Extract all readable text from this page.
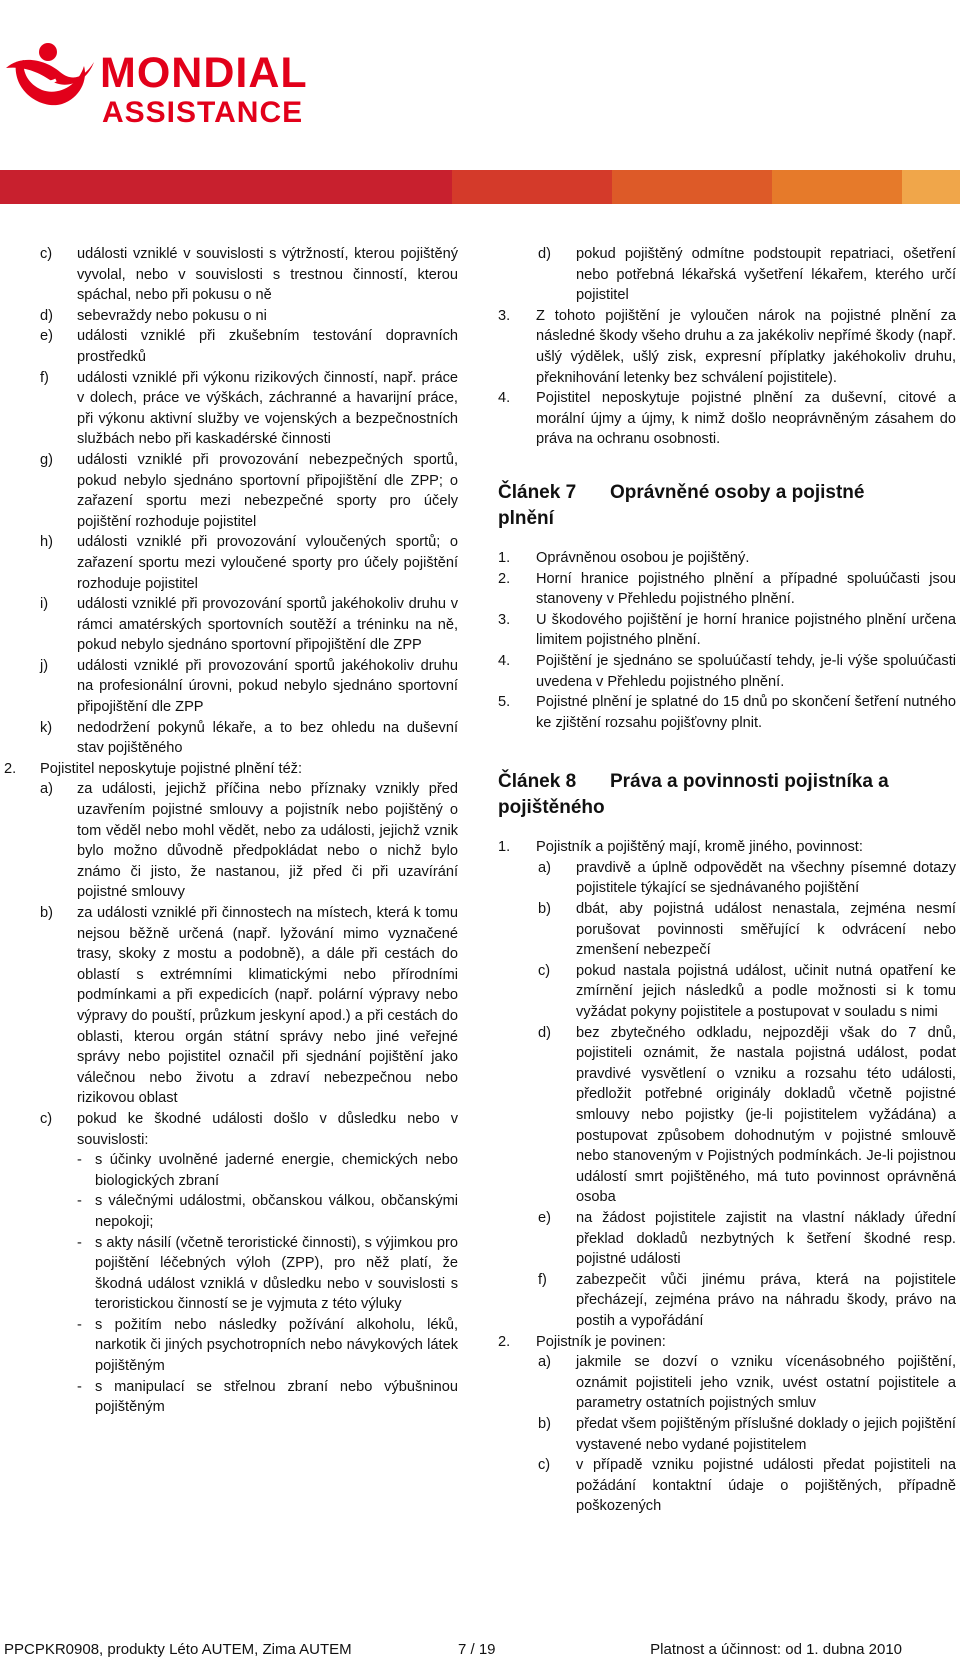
MONDIAL
ASSISTANCE
c)	události vzniklé v souvislosti s výtržností, kterou pojištěný vyvolal, nebo v souvislosti s trestnou činností, kterou spáchal, nebo při pokusu o ně
d)	sebevraždy nebo pokusu o ni
e)	události vzniklé při zkušebním testování dopravních prostředků
f)	události vzniklé při výkonu rizikových činností, např. práce v dolech, práce ve výškách, záchranné a havarijní práce, při výkonu aktivní služby ve vojenských a bezpečnostních službách nebo při kaskadérské činnosti
g)	události vzniklé při provozování nebezpečných sportů, pokud nebylo sjednáno sportovní připojištění dle ZPP; o zařazení sportu mezi nebezpečné sporty pro účely pojištění rozhoduje pojistitel
h)	události vzniklé při provozování vyloučených sportů; o zařazení sportu mezi vyloučené sporty pro účely pojištění rozhoduje pojistitel
i)	události vzniklé při provozování sportů jakéhokoliv druhu v rámci amatérských sportovních soutěží a tréninku na ně, pokud nebylo sjednáno sportovní připojištění dle ZPP
j)	události vzniklé při provozování sportů jakéhokoliv druhu na profesionální úrovni, pokud nebylo sjednáno sportovní připojištění dle ZPP
k)	nedodržení pokynů lékaře, a to bez ohledu na duševní stav pojištěného
2.	Pojistitel neposkytuje pojistné plnění též:
a)	za události, jejichž příčina nebo příznaky vznikly před uzavřením pojistné smlouvy a pojistník nebo pojištěný o tom věděl nebo mohl vědět, nebo za události, jejichž vznik bylo možno důvodně předpokládat nebo o nichž bylo známo či jisto, že nastanou, již před či při uzavírání pojistné smlouvy
b)	za události vzniklé při činnostech na místech, která k tomu nejsou běžně určená (např. lyžování mimo vyznačené trasy, skoky z mostu a podobně), a dále při cestách do oblastí s extrémními klimatickými nebo přírodními podmínkami a při expedicích (např. polární výpravy nebo výpravy do pouští, průzkum jeskyní apod.) a při cestách do oblasti, kterou orgán státní správy nebo jiné veřejné správy nebo pojistitel označil při sjednání pojištění jako válečnou nebo životu a zdraví nebezpečnou nebo rizikovou oblast
c)	pokud ke škodné události došlo v důsledku nebo v souvislosti:
- s účinky uvolněné jaderné energie, chemických nebo biologických zbraní
- s válečnými událostmi, občanskou válkou, občanskými nepokoji;
- s akty násilí (včetně teroristické činnosti), s výjimkou pro pojištění léčebných výloh (ZPP), pro něž platí, že škodná událost vzniklá v důsledku nebo v souvislosti s teroristickou činností se je vyjmuta z této výluky
- s požitím nebo následky požívání alkoholu, léků, narkotik či jiných psychotropních nebo návykových látek pojištěným
- s manipulací se střelnou zbraní nebo výbušninou pojištěným
d)	pokud pojištěný odmítne podstoupit repatriaci, ošetření nebo potřebná lékařská vyšetření lékařem, kterého určí pojistitel
3.	Z tohoto pojištění je vyloučen nárok na pojistné plnění za následné škody všeho druhu a za jakékoliv nepřímé škody (např. ušlý výdělek, ušlý zisk, expresní příplatky jakéhokoliv druhu, překnihování letenky bez schválení pojistitele).
4.	Pojistitel neposkytuje pojistné plnění za duševní, citové a morální újmy a újmy, k nimž došlo neoprávněným zásahem do práva na ochranu osobnosti.
Článek 7 Oprávněné osoby a pojistné
plnění
1.	Oprávněnou osobou je pojištěný.
2.	Horní hranice pojistného plnění a případné spoluúčasti jsou stanoveny v Přehledu pojistného plnění.
3.	U škodového pojištění je horní hranice pojistného plnění určena limitem pojistného plnění.
4.	Pojištění je sjednáno se spoluúčastí tehdy, je-li výše spoluúčasti uvedena v Přehledu pojistného plnění.
5.	Pojistné plnění je splatné do 15 dnů po skončení šetření nutného ke zjištění rozsahu pojišťovny plnit.
Článek 8 Práva a povinnosti pojistníka a
pojištěného
1.	Pojistník a pojištěný mají, kromě jiného, povinnost:
a)	pravdivě a úplně odpovědět na všechny písemné dotazy pojistitele týkající se sjednávaného pojištění
b)	dbát, aby pojistná událost nenastala, zejména nesmí porušovat povinnosti směřující k odvrácení nebo zmenšení nebezpečí
c)	pokud nastala pojistná událost, učinit nutná opatření ke zmírnění jejich následků a podle možnosti si k tomu vyžádat pokyny pojistitele a postupovat v souladu s nimi
d)	bez zbytečného odkladu, nejpozději však do 7 dnů, pojistiteli oznámit, že nastala pojistná událost, podat pravdivé vysvětlení o vzniku a rozsahu této události, předložit potřebné originály dokladů včetně pojistné smlouvy nebo pojistky (je-li pojistitelem vyžádána) a postupovat způsobem dohodnutým v pojistné smlouvě nebo stanoveným v Pojistných podmínkách. Je-li pojistnou událostí smrt pojištěného, má tuto povinnost oprávněná osoba
e)	na žádost pojistitele zajistit na vlastní náklady úřední překlad dokladů nezbytných k šetření škodné resp. pojistné události
f)	zabezpečit vůči jinému práva, která na pojistitele přecházejí, zejména právo na náhradu škody, právo na postih a vypořádání
2.	Pojistník je povinen:
a)	jakmile se dozví o vzniku vícenásobného pojištění, oznámit pojistiteli jeho vznik, uvést ostatní pojistitele a parametry ostatních pojistných smluv
b)	předat všem pojištěným příslušné doklady o jejich pojištění vystavené nebo vydané pojistitelem
c)	v případě vzniku pojistné události předat pojistiteli na požádání kontaktní údaje o pojištěných, případně poškozených
PPCPKR0908, produkty Léto AUTEM, Zima AUTEM	7 / 19	Platnost a účinnost: od 1. dubna 2010
